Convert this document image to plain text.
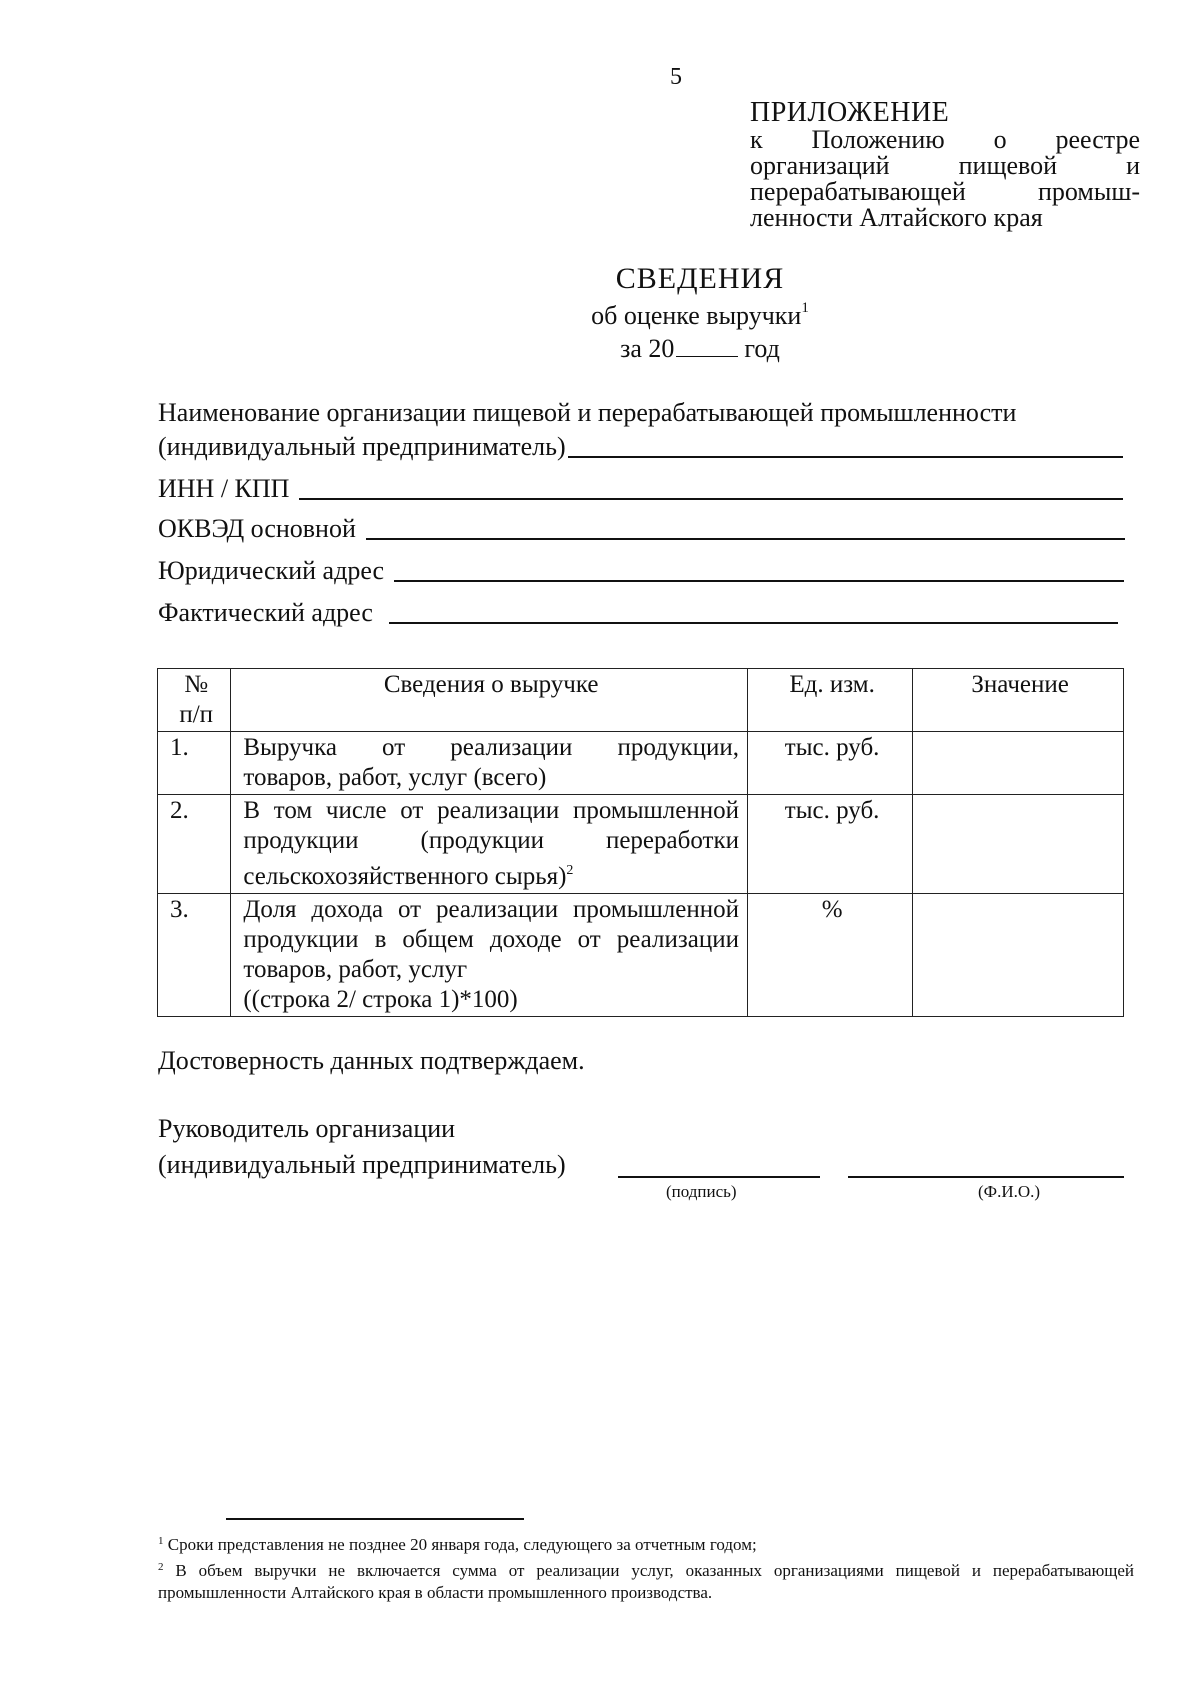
5
ПРИЛОЖЕНИЕ
к Положению о реестре
организаций пищевой и
перерабатывающей промыш-
ленности Алтайского края
СВЕДЕНИЯ
об оценке выручки$^1$
за 20	год
Наименование организации пищевой и перерабатывающей промышленности
(индивидуальный предприниматель)
ИНН / КПП
ОКВЭД основной
Юридический адрес
Фактический адрес
№
п/п	Сведения о выручке	Ед. изм.	Значение
1.	Выручка от реализации продукции,
товаров, работ, услуг (всего)	тыс. руб.	
2.	В том числе от реализации промышленной
продукции (продукции переработки
сельскохозяйственного сырья)$^2$	тыс. руб.	
3.	Доля дохода от реализации промышленной
продукции в общем доходе от реализации
товаров, работ, услуг
((строка 2/ строка 1)*100)	%	
Достоверность данных подтверждаем.
Руководитель организации
(индивидуальный предприниматель)
(подпись)	(Ф.И.О.)
$^1$ Сроки представления не позднее 20 января года, следующего за отчетным годом;
$^2$ В объем выручки не включается сумма от реализации услуг, оказанных организациями пищевой и перерабатывающей промышленности Алтайского края в области промышленного производства.
